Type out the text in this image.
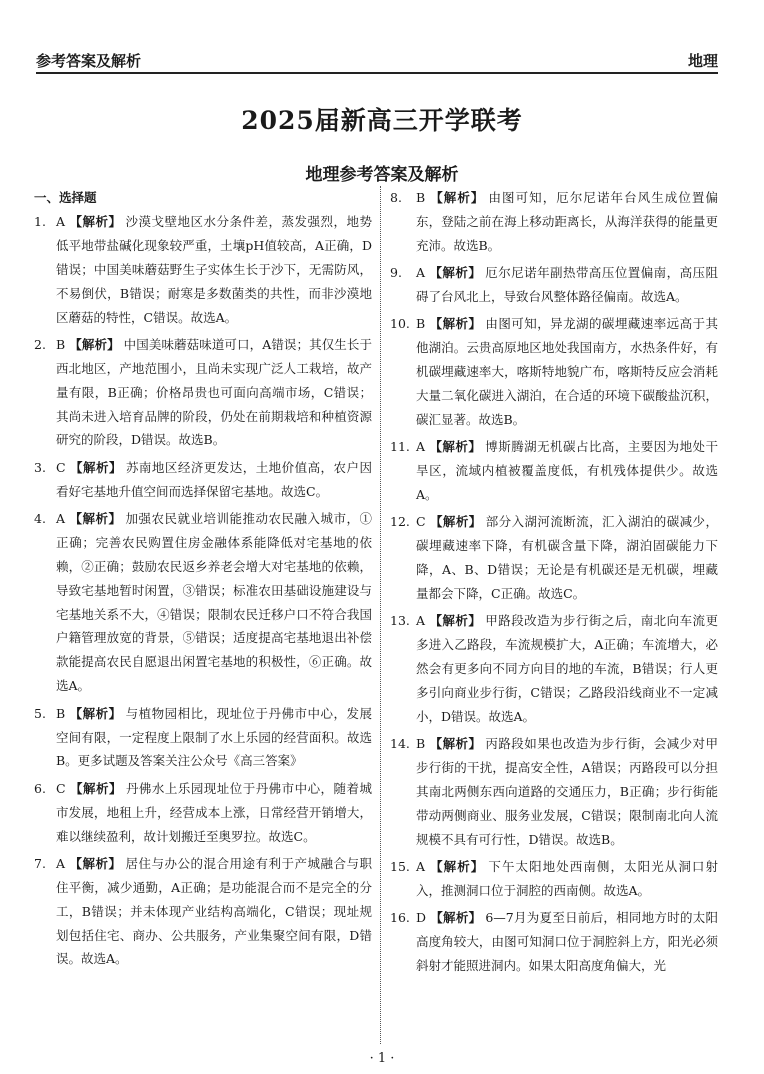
参考答案及解析	地理
2025届新高三开学联考
地理参考答案及解析
一、选择题
1. A 【解析】 沙漠戈壁地区水分条件差，蒸发强烈，地势低平地带盐碱化现象较严重，土壤pH值较高，A正确，D错误；中国美味蘑菇野生子实体生长于沙下，无需防风，不易倒伏，B错误；耐寒是多数菌类的共性，而非沙漠地区蘑菇的特性，C错误。故选A。
2. B 【解析】 中国美味蘑菇味道可口，A错误；其仅生长于西北地区，产地范围小，且尚未实现广泛人工栽培，故产量有限，B正确；价格昂贵也可面向高端市场，C错误；其尚未进入培育品牌的阶段，仍处在前期栽培和种植资源研究的阶段，D错误。故选B。
3. C 【解析】 苏南地区经济更发达，土地价值高，农户因看好宅基地升值空间而选择保留宅基地。故选C。
4. A 【解析】 加强农民就业培训能推动农民融入城市，①正确；完善农民购置住房金融体系能降低对宅基地的依赖，②正确；鼓励农民返乡养老会增大对宅基地的依赖，导致宅基地暂时闲置，③错误；标准农田基础设施建设与宅基地关系不大，④错误；限制农民迁移户口不符合我国户籍管理放宽的背景，⑤错误；适度提高宅基地退出补偿款能提高农民自愿退出闲置宅基地的积极性，⑥正确。故选A。
5. B 【解析】 与植物园相比，现址位于丹佛市中心，发展空间有限，一定程度上限制了水上乐园的经营面积。故选B。更多试题及答案关注公众号《高三答案》
6. C 【解析】 丹佛水上乐园现址位于丹佛市中心，随着城市发展，地租上升，经营成本上涨，日常经营开销增大，难以继续盈利，故计划搬迁至奥罗拉。故选C。
7. A 【解析】 居住与办公的混合用途有利于产城融合与职住平衡，减少通勤，A正确；是功能混合而不是完全的分工，B错误；并未体现产业结构高端化，C错误；现址规划包括住宅、商办、公共服务，产业集聚空间有限，D错误。故选A。
8.	B 【解析】 由图可知，厄尔尼诺年台风生成位置偏东，登陆之前在海上移动距离长，从海洋获得的能量更充沛。故选B。
9.	A 【解析】 厄尔尼诺年副热带高压位置偏南，高压阻碍了台风北上，导致台风整体路径偏南。故选A。
10. B 【解析】 由图可知，异龙湖的碳埋藏速率远高于其他湖泊。云贵高原地区地处我国南方，水热条件好，有机碳埋藏速率大，喀斯特地貌广布，喀斯特反应会消耗大量二氧化碳进入湖泊，在合适的环境下碳酸盐沉积，碳汇显著。故选B。
11. A 【解析】 博斯腾湖无机碳占比高，主要因为地处干旱区，流域内植被覆盖度低，有机残体提供少。故选A。
12. C 【解析】 部分入湖河流断流，汇入湖泊的碳减少，碳埋藏速率下降，有机碳含量下降，湖泊固碳能力下降，A、B、D错误；无论是有机碳还是无机碳，埋藏量都会下降，C正确。故选C。
13. A 【解析】 甲路段改造为步行街之后，南北向车流更多进入乙路段，车流规模扩大，A正确；车流增大，必然会有更多向不同方向目的地的车流，B错误；行人更多引向商业步行街，C错误；乙路段沿线商业不一定减小，D错误。故选A。
14. B 【解析】 丙路段如果也改造为步行街，会减少对甲步行街的干扰，提高安全性，A错误；丙路段可以分担其南北两侧东西向道路的交通压力，B正确；步行街能带动两侧商业、服务业发展，C错误；限制南北向人流规模不具有可行性，D错误。故选B。
15. A 【解析】 下午太阳地处西南侧，太阳光从洞口射入，推测洞口位于洞腔的西南侧。故选A。
16. D 【解析】 6—7月为夏至日前后，相同地方时的太阳高度角较大，由图可知洞口位于洞腔斜上方，阳光必须斜射才能照进洞内。如果太阳高度角偏大，光
· 1 ·
